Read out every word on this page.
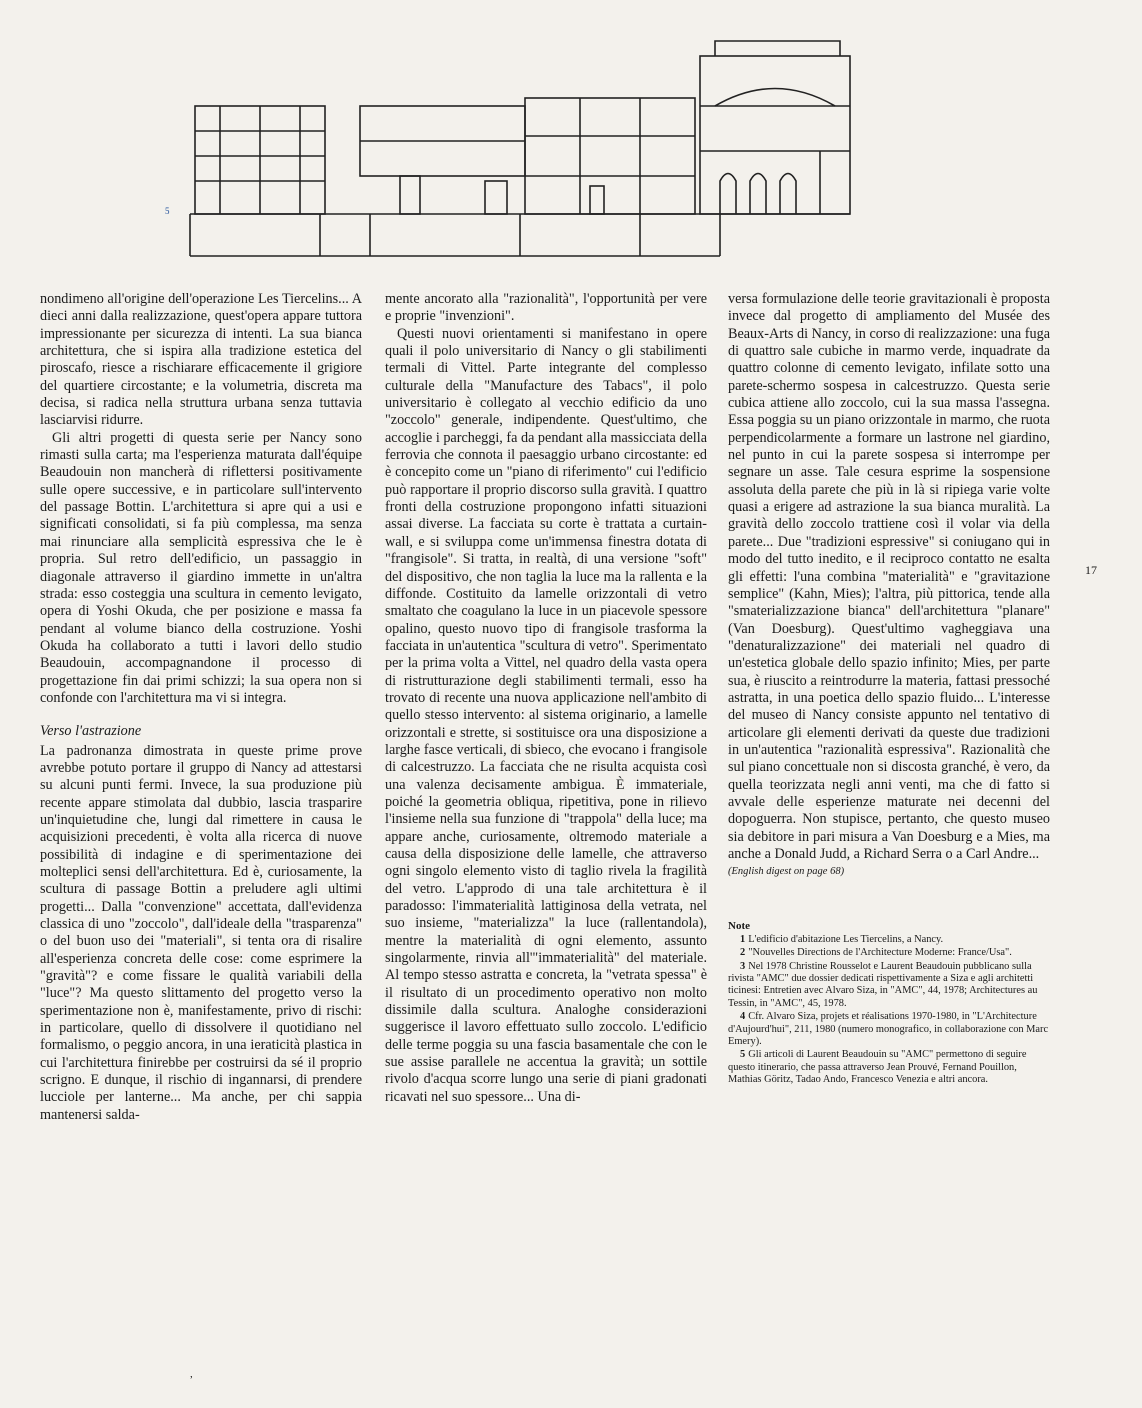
5

nondimeno all'origine dell'operazione Les Tiercelins... A dieci anni dalla realizzazione, quest'opera appare tuttora impressionante per sicurezza di intenti. La sua bianca architettura, che si ispira alla tradizione estetica del piroscafo, riesce a rischiarare efficacemente il grigiore del quartiere circostante; e la volumetria, discreta ma decisa, si radica nella struttura urbana senza tuttavia lasciarvisi ridurre.

Gli altri progetti di questa serie per Nancy sono rimasti sulla carta; ma l'esperienza maturata dall'équipe Beaudouin non mancherà di riflettersi positivamente sulle opere successive, e in particolare sull'intervento del passage Bottin. L'architettura si apre qui a usi e significati consolidati, si fa più complessa, ma senza mai rinunciare alla semplicità espressiva che le è propria. Sul retro dell'edificio, un passaggio in diagonale attraverso il giardino immette in un'altra strada: esso costeggia una scultura in cemento levigato, opera di Yoshi Okuda, che per posizione e massa fa pendant al volume bianco della costruzione. Yoshi Okuda ha collaborato a tutti i lavori dello studio Beaudouin, accompagnandone il processo di progettazione fin dai primi schizzi; la sua opera non si confonde con l'architettura ma vi si integra.

Verso l'astrazione

La padronanza dimostrata in queste prime prove avrebbe potuto portare il gruppo di Nancy ad attestarsi su alcuni punti fermi. Invece, la sua produzione più recente appare stimolata dal dubbio, lascia trasparire un'inquietudine che, lungi dal rimettere in causa le acquisizioni precedenti, è volta alla ricerca di nuove possibilità di indagine e di sperimentazione dei molteplici sensi dell'architettura. Ed è, curiosamente, la scultura di passage Bottin a preludere agli ultimi progetti... Dalla "convenzione" accettata, dall'evidenza classica di uno "zoccolo", dall'ideale della "trasparenza" o del buon uso dei "materiali", si tenta ora di risalire all'esperienza concreta delle cose: come esprimere la "gravità"? e come fissare le qualità variabili della "luce"? Ma questo slittamento del progetto verso la sperimentazione non è, manifestamente, privo di rischi: in particolare, quello di dissolvere il quotidiano nel formalismo, o peggio ancora, in una ieraticità plastica in cui l'architettura finirebbe per costruirsi da sé il proprio scrigno. E dunque, il rischio di ingannarsi, di prendere lucciole per lanterne... Ma anche, per chi sappia mantenersi salda-

mente ancorato alla "razionalità", l'opportunità per vere e proprie "invenzioni".

Questi nuovi orientamenti si manifestano in opere quali il polo universitario di Nancy o gli stabilimenti termali di Vittel. Parte integrante del complesso culturale della "Manufacture des Tabacs", il polo universitario è collegato al vecchio edificio da uno "zoccolo" generale, indipendente. Quest'ultimo, che accoglie i parcheggi, fa da pendant alla massicciata della ferrovia che connota il paesaggio urbano circostante: ed è concepito come un "piano di riferimento" cui l'edificio può rapportare il proprio discorso sulla gravità. I quattro fronti della costruzione propongono infatti situazioni assai diverse. La facciata su corte è trattata a curtain-wall, e si sviluppa come un'immensa finestra dotata di "frangisole". Si tratta, in realtà, di una versione "soft" del dispositivo, che non taglia la luce ma la rallenta e la diffonde. Costituito da lamelle orizzontali di vetro smaltato che coagulano la luce in un piacevole spessore opalino, questo nuovo tipo di frangisole trasforma la facciata in un'autentica "scultura di vetro". Sperimentato per la prima volta a Vittel, nel quadro della vasta opera di ristrutturazione degli stabilimenti termali, esso ha trovato di recente una nuova applicazione nell'ambito di quello stesso intervento: al sistema originario, a lamelle orizzontali e strette, si sostituisce ora una disposizione a larghe fasce verticali, di sbieco, che evocano i frangisole di calcestruzzo. La facciata che ne risulta acquista così una valenza decisamente ambigua. È immateriale, poiché la geometria obliqua, ripetitiva, pone in rilievo l'insieme nella sua funzione di "trappola" della luce; ma appare anche, curiosamente, oltremodo materiale a causa della disposizione delle lamelle, che attraverso ogni singolo elemento visto di taglio rivela la fragilità del vetro. L'approdo di una tale architettura è il paradosso: l'immaterialità lattiginosa della vetrata, nel suo insieme, "materializza" la luce (rallentandola), mentre la materialità di ogni elemento, assunto singolarmente, rinvia all'"immaterialità" del materiale. Al tempo stesso astratta e concreta, la "vetrata spessa" è il risultato di un procedimento operativo non molto dissimile dalla scultura. Analoghe considerazioni suggerisce il lavoro effettuato sullo zoccolo. L'edificio delle terme poggia su una fascia basamentale che con le sue assise parallele ne accentua la gravità; un sottile rivolo d'acqua scorre lungo una serie di piani gradonati ricavati nel suo spessore... Una di-

versa formulazione delle teorie gravitazionali è proposta invece dal progetto di ampliamento del Musée des Beaux-Arts di Nancy, in corso di realizzazione: una fuga di quattro sale cubiche in marmo verde, inquadrate da quattro colonne di cemento levigato, infilate sotto una parete-schermo sospesa in calcestruzzo. Questa serie cubica attiene allo zoccolo, cui la sua massa l'assegna. Essa poggia su un piano orizzontale in marmo, che ruota perpendicolarmente a formare un lastrone nel giardino, nel punto in cui la parete sospesa si interrompe per segnare un asse. Tale cesura esprime la sospensione assoluta della parete che più in là si ripiega varie volte quasi a erigere ad astrazione la sua bianca muralità. La gravità dello zoccolo trattiene così il volar via della parete... Due "tradizioni espressive" si coniugano qui in modo del tutto inedito, e il reciproco contatto ne esalta gli effetti: l'una combina "materialità" e "gravitazione semplice" (Kahn, Mies); l'altra, più pittorica, tende alla "smaterializzazione bianca" dell'architettura "planare" (Van Doesburg). Quest'ultimo vagheggiava una "denaturalizzazione" dei materiali nel quadro di un'estetica globale dello spazio infinito; Mies, per parte sua, è riuscito a reintrodurre la materia, fattasi pressoché astratta, in una poetica dello spazio fluido... L'interesse del museo di Nancy consiste appunto nel tentativo di articolare gli elementi derivati da queste due tradizioni in un'autentica "razionalità espressiva". Razionalità che sul piano concettuale non si discosta granché, è vero, da quella teorizzata negli anni venti, ma che di fatto si avvale delle esperienze maturate nei decenni del dopoguerra. Non stupisce, pertanto, che questo museo sia debitore in pari misura a Van Doesburg e a Mies, ma anche a Donald Judd, a Richard Serra o a Carl Andre...

(English digest on page 68)
Note

1 L'edificio d'abitazione Les Tiercelins, a Nancy.

2 "Nouvelles Directions de l'Architecture Moderne: France/Usa".

3 Nel 1978 Christine Rousselot e Laurent Beaudouin pubblicano sulla rivista "AMC" due dossier dedicati rispettivamente a Siza e agli architetti ticinesi: Entretien avec Alvaro Siza, in "AMC", 44, 1978; Architectures au Tessin, in "AMC", 45, 1978.

4 Cfr. Alvaro Siza, projets et réalisations 1970-1980, in "L'Architecture d'Aujourd'hui", 211, 1980 (numero monografico, in collaborazione con Marc Emery).

5 Gli articoli di Laurent Beaudouin su "AMC" permettono di seguire questo itinerario, che passa attraverso Jean Prouvé, Fernand Pouillon, Mathias Göritz, Tadao Ando, Francesco Venezia e altri ancora.

17
,
